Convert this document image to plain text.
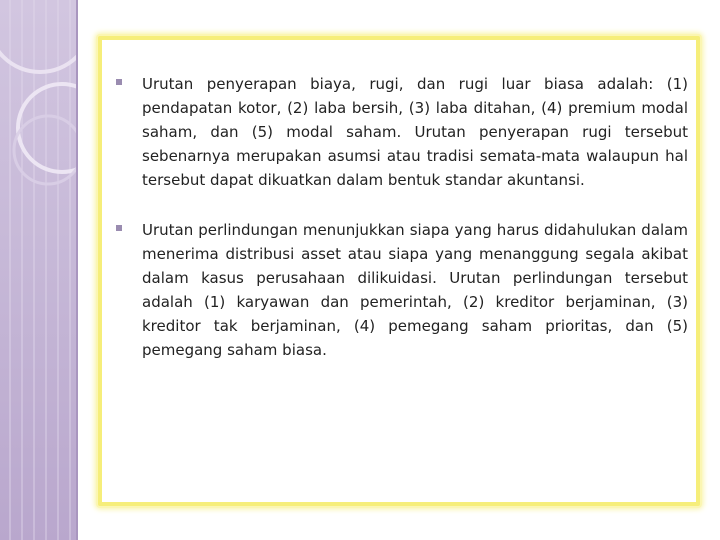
Urutan penyerapan biaya, rugi, dan rugi luar biasa adalah: (1) pendapatan kotor, (2) laba bersih, (3) laba ditahan, (4) premium modal saham, dan (5) modal saham. Urutan penyerapan rugi tersebut sebenarnya merupakan asumsi atau tradisi semata-mata walaupun hal tersebut dapat dikuatkan dalam bentuk standar akuntansi.
Urutan perlindungan menunjukkan siapa yang harus didahulukan dalam menerima distribusi asset atau siapa yang menanggung segala akibat dalam kasus perusahaan dilikuidasi. Urutan perlindungan tersebut adalah (1) karyawan dan pemerintah, (2) kreditor berjaminan, (3) kreditor tak berjaminan, (4) pemegang saham prioritas, dan (5) pemegang saham biasa.
